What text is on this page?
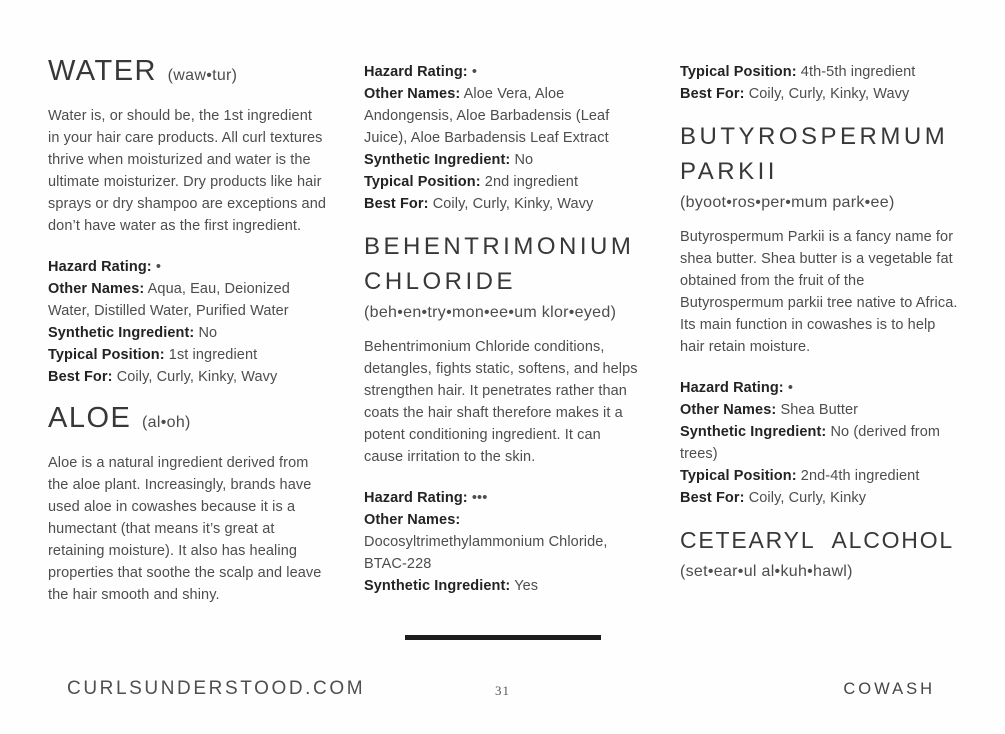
WATER (waw•tur)

Water is, or should be, the 1st ingredient in your hair care products. All curl textures thrive when moisturized and water is the ultimate moisturizer. Dry products like hair sprays or dry shampoo are exceptions and don’t have water as the first ingredient.

Hazard Rating: •

Other Names: Aqua, Eau, Deionized Water, Distilled Water, Purified Water

Synthetic Ingredient: No

Typical Position: 1st ingredient

Best For: Coily, Curly, Kinky, Wavy

ALOE (al•oh)

Aloe is a natural ingredient derived from the aloe plant. Increasingly, brands have used aloe in cowashes because it is a humectant (that means it’s great at retaining moisture). It also has healing properties that soothe the scalp and leave the hair smooth and shiny.

Hazard Rating: •

Other Names: Aloe Vera, Aloe Andongensis, Aloe Barbadensis (Leaf Juice), Aloe Barbadensis Leaf Extract

Synthetic Ingredient: No

Typical Position: 2nd ingredient

Best For: Coily, Curly, Kinky, Wavy

BEHENTRIMONIUM CHLORIDE
(beh•en•try•mon•ee•um klor•eyed)

Behentrimonium Chloride conditions, detangles, fights static, softens, and helps strengthen hair. It penetrates rather than coats the hair shaft therefore makes it a potent conditioning ingredient. It can cause irritation to the skin.

Hazard Rating: •••

Other Names: Docosyltrimethylammonium Chloride, BTAC-228

Synthetic Ingredient: Yes

Typical Position: 4th-5th ingredient

Best For: Coily, Curly, Kinky, Wavy

BUTYROSPERMUM PARKII
(byoot•ros•per•mum park•ee)

Butyrospermum Parkii is a fancy name for shea butter. Shea butter is a vegetable fat obtained from the fruit of the Butyrospermum parkii tree native to Africa. Its main function in cowashes is to help hair retain moisture.

Hazard Rating: •

Other Names: Shea Butter

Synthetic Ingredient: No (derived from trees)

Typical Position: 2nd-4th ingredient

Best For: Coily, Curly, Kinky

CETEARYL ALCOHOL
(set•ear•ul al•kuh•hawl)
CURLSUNDERSTOOD.COM	31	COWASH
